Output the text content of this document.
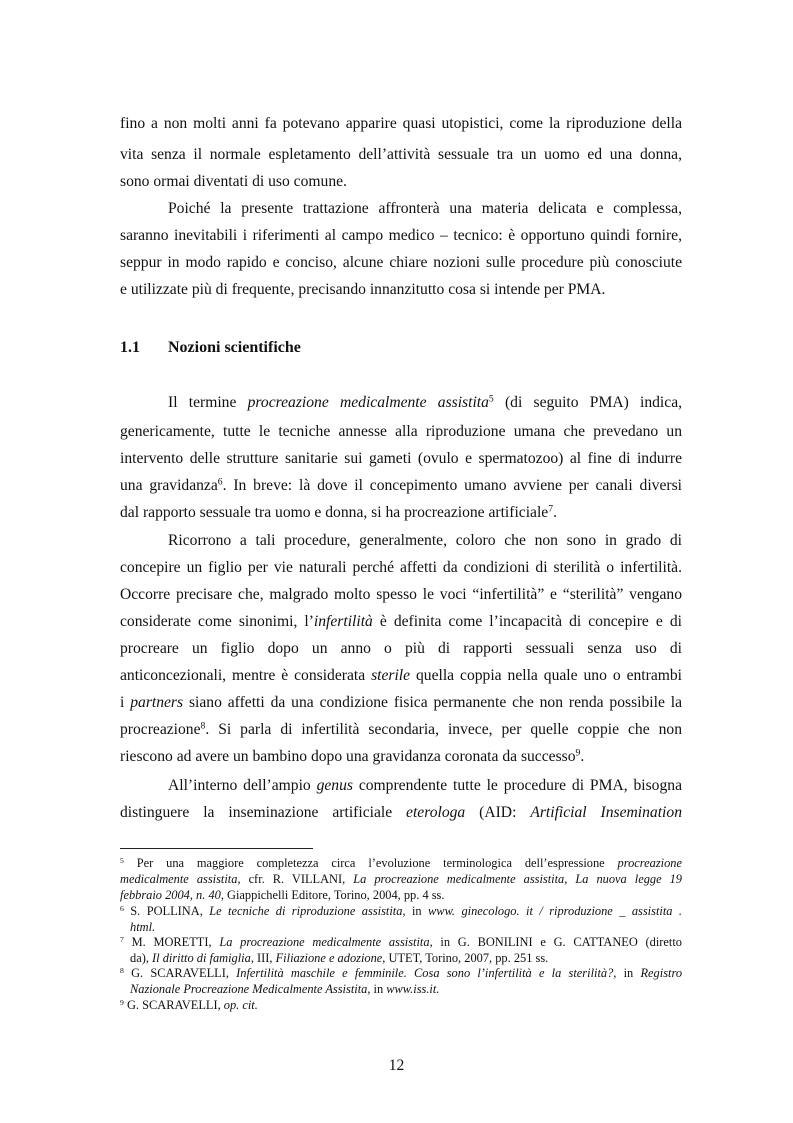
fino a non molti anni fa potevano apparire quasi utopistici, come la riproduzione della
vita senza il normale espletamento dell’attività sessuale tra un uomo ed una donna,
sono ormai diventati di uso comune.
Poiché la presente trattazione affronterà una materia delicata e complessa,
saranno inevitabili i riferimenti al campo medico – tecnico: è opportuno quindi fornire,
seppur in modo rapido e conciso, alcune chiare nozioni sulle procedure più conosciute
e utilizzate più di frequente, precisando innanzitutto cosa si intende per PMA.
1.1 Nozioni scientifiche
Il termine procreazione medicalmente assistita$^5$ (di seguito PMA) indica,
genericamente, tutte le tecniche annesse alla riproduzione umana che prevedano un
intervento delle strutture sanitarie sui gameti (ovulo e spermatozoo) al fine di indurre
una gravidanza$^6$. In breve: là dove il concepimento umano avviene per canali diversi
dal rapporto sessuale tra uomo e donna, si ha procreazione artificiale$^7$.
Ricorrono a tali procedure, generalmente, coloro che non sono in grado di
concepire un figlio per vie naturali perché affetti da condizioni di sterilità o infertilità.
Occorre precisare che, malgrado molto spesso le voci “infertilità” e “sterilità” vengano
considerate come sinonimi, l’infertilità è definita come l’incapacità di concepire e di
procreare un figlio dopo un anno o più di rapporti sessuali senza uso di
anticoncezionali, mentre è considerata sterile quella coppia nella quale uno o entrambi
i partners siano affetti da una condizione fisica permanente che non renda possibile la
procreazione$^8$. Si parla di infertilità secondaria, invece, per quelle coppie che non
riescono ad avere un bambino dopo una gravidanza coronata da successo$^9$.
All’interno dell’ampio genus comprendente tutte le procedure di PMA, bisogna
distinguere la inseminazione artificiale eterologa (AID: Artificial Insemination
$^5$ Per una maggiore completezza circa l’evoluzione terminologica dell’espressione procreazione
medicalmente assistita, cfr. R. VILLANI, La procreazione medicalmente assistita, La nuova legge 19
febbraio 2004, n. 40, Giappichelli Editore, Torino, 2004, pp. 4 ss.
$^6$ S. POLLINA, Le tecniche di riproduzione assistita, in www. ginecologo. it / riproduzione _ assistita .
html.
$^7$ M. MORETTI, La procreazione medicalmente assistita, in G. BONILINI e G. CATTANEO (diretto
da), Il diritto di famiglia, III, Filiazione e adozione, UTET, Torino, 2007, pp. 251 ss.
$^8$ G. SCARAVELLI, Infertilità maschile e femminile. Cosa sono l’infertilità e la sterilità?, in Registro
Nazionale Procreazione Medicalmente Assistita, in www.iss.it.
$^9$ G. SCARAVELLI, op. cit.
12
